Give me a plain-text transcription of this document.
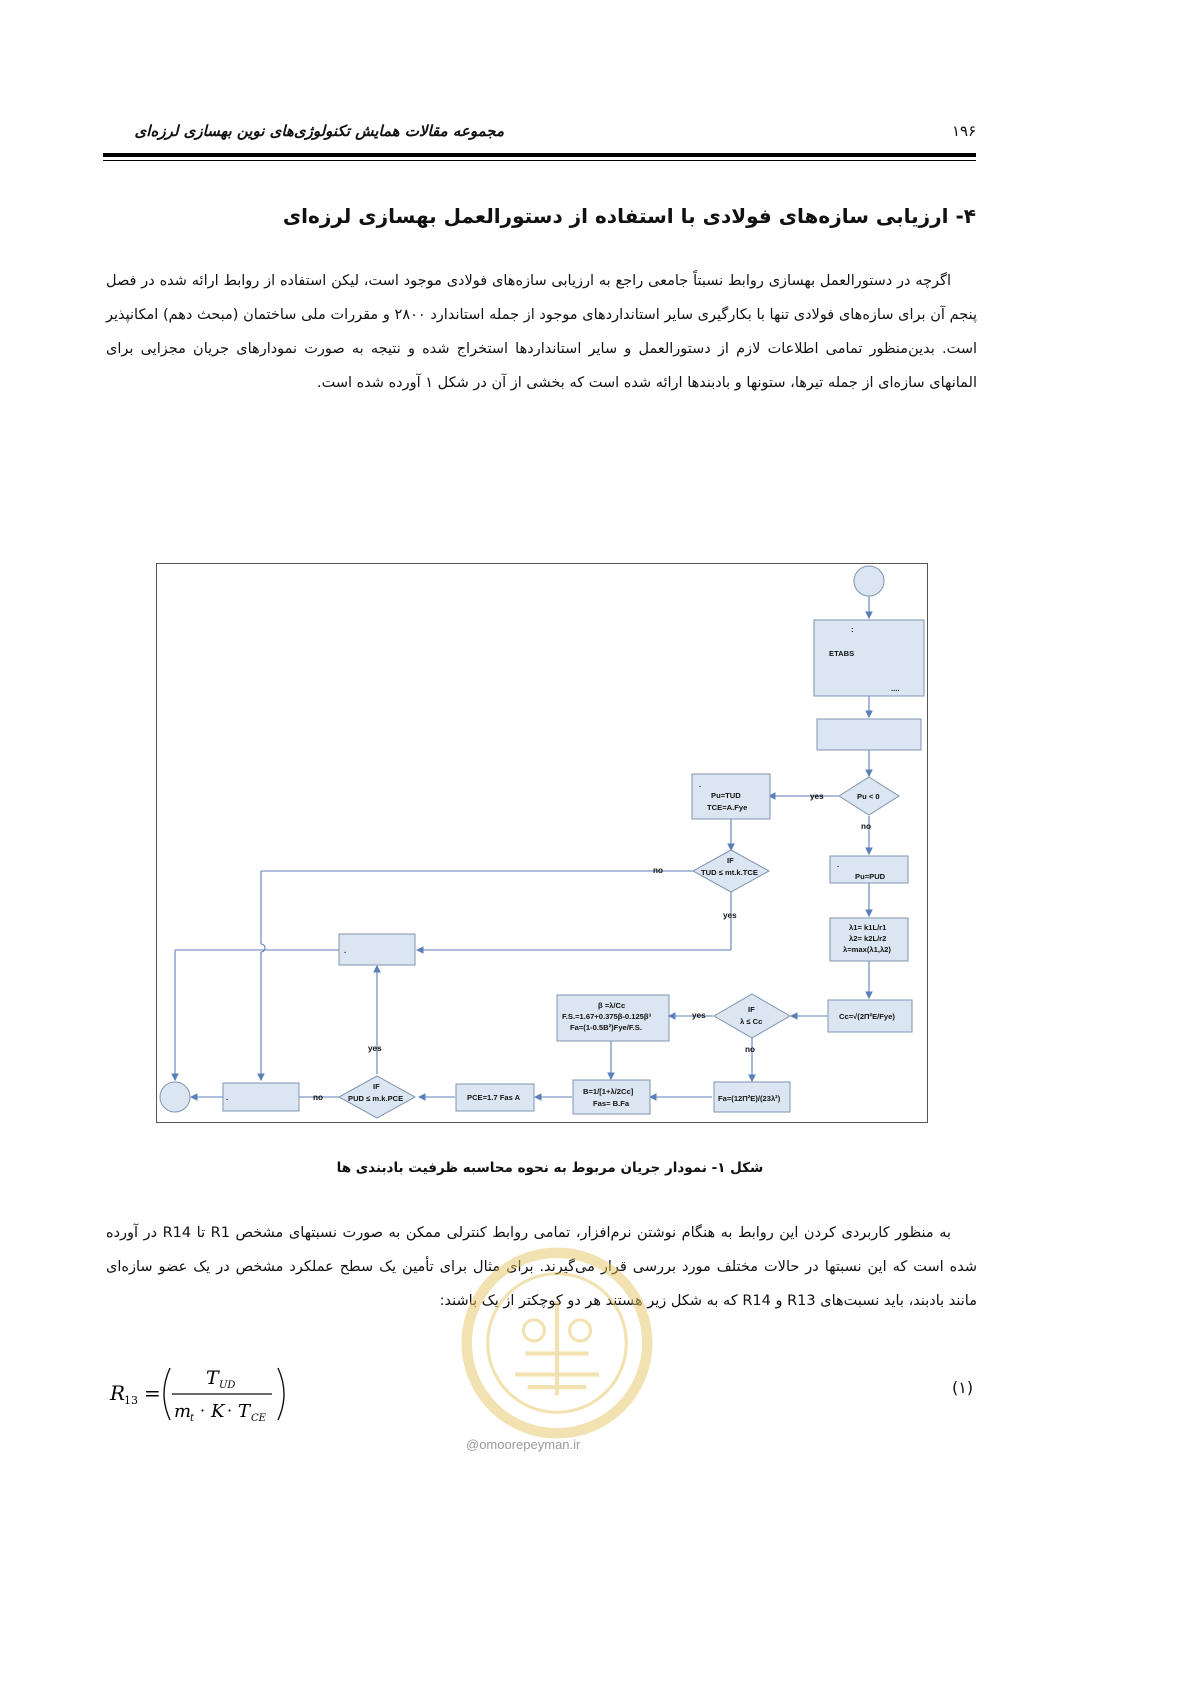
مجموعه مقالات همایش تکنولوژی‌های نوین بهسازی لرزه‌ای	۱۹۶
۴- ارزیابی سازه‌های فولادی با استفاده از دستورالعمل بهسازی لرزه‌ای
اگرچه در دستورالعمل بهسازی روابط نسبتاً جامعی راجع به ارزیابی سازه‌های فولادی موجود است، لیکن استفاده از روابط ارائه شده در فصل پنجم آن برای سازه‌های فولادی تنها با بکارگیری سایر استانداردهای موجود از جمله استاندارد ۲۸۰۰ و مقررات ملی ساختمان (مبحث دهم) امکانپذیر است. بدین‌منظور تمامی اطلاعات لازم از دستورالعمل و سایر استانداردها استخراج شده و نتیجه به صورت نمودارهای جریان مجزایی برای المانهای سازه‌ای از جمله تیرها، ستونها و بادبندها ارائه شده است که بخشی از آن در شکل ۱ آورده شده است.
:
ETABS
....
Pu < 0
yes
no
.
Pu=TUD
TCE=A.Fye
IF
TUD ≤ mt.k.TCE
no
yes
.
Pu=PUD
λ1= k1L/r1
λ2= k2L/r2
λ=max(λ1,λ2)
Cc=√(2Π²E/Fye)
IF
λ ≤ Cc
yes
no
β =λ/Cc
F.S.=1.67+0.375β-0.125β³
Fa=(1-0.5B²)Fye/F.S.
Fa=(12Π²E)/(23λ²)
B=1/[1+λ/2Cc]
Fas= B.Fa
PCE=1.7 Fas A
IF
PUD ≤ m.k.PCE
no
yes
.
.
شکل ۱- نمودار جریان مربوط به نحوه محاسبه ظرفیت بادبندی ها
به منظور کاربردی کردن این روابط به هنگام نوشتن نرم‌افزار، تمامی روابط کنترلی ممکن به صورت نسبتهای مشخص R1 تا R14 در آورده شده است که این نسبتها در حالات مختلف مورد بررسی قرار می‌گیرند. برای مثال برای تأمین یک سطح عملکرد مشخص در یک عضو سازه‌ای مانند بادبند، باید نسبت‌های R13 و R14 که به شکل زیر هستند هر دو کوچکتر از یک باشند:
@omoorepeyman.ir
R
13 =
T UD
m
t · K · T CE
(۱)
